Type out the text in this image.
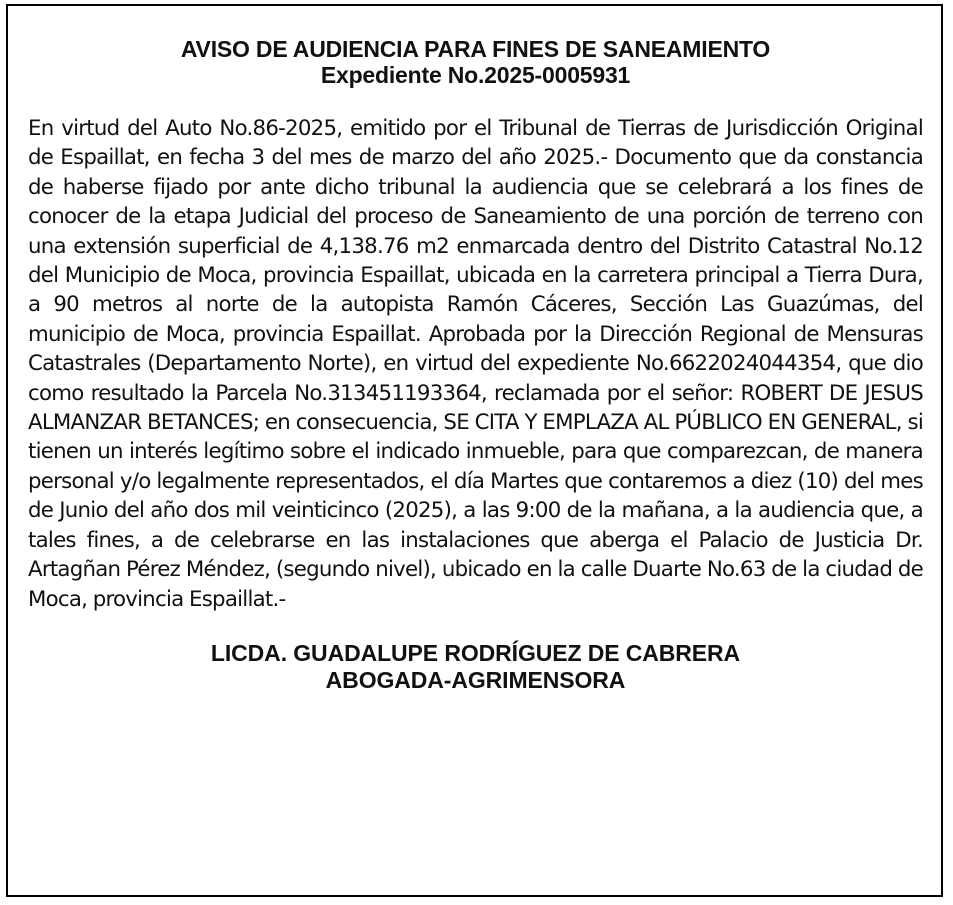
AVISO DE AUDIENCIA PARA FINES DE SANEAMIENTO
Expediente No.2025-0005931
En virtud del Auto No.86-2025, emitido por el Tribunal de Tierras de Jurisdicción Original de Espaillat, en fecha 3 del mes de marzo del año 2025.- Documento que da constancia de haberse fijado por ante dicho tribunal la audiencia que se celebrará a los fines de conocer de la etapa Judicial del proceso de Saneamiento de una porción de terreno con una extensión superficial de 4,138.76 m2 enmarcada dentro del Distrito Catastral No.12 del Municipio de Moca, provincia Espaillat, ubicada en la carretera principal a Tierra Dura, a 90 metros al norte de la autopista Ramón Cáceres, Sección Las Guazúmas, del municipio de Moca, provincia Espaillat. Aprobada por la Dirección Regional de Mensuras Catastrales (Departamento Norte), en virtud del expediente No.6622024044354, que dio como resultado la Parcela No.313451193364, reclamada por el señor: ROBERT DE JESUS ALMANZAR BETANCES; en consecuencia, SE CITA Y EMPLAZA AL PÚBLICO EN GENERAL, si tienen un interés legítimo sobre el indicado inmueble, para que comparezcan, de manera personal y/o legalmente representados, el día Martes que contaremos a diez (10) del mes de Junio del año dos mil veinticinco (2025), a las 9:00 de la mañana, a la audiencia que, a tales fines, a de celebrarse en las instalaciones que aberga el Palacio de Justicia Dr. Artagñan Pérez Méndez, (segundo nivel), ubicado en la calle Duarte No.63 de la ciudad de Moca, provincia Espaillat.-
LICDA. GUADALUPE RODRÍGUEZ DE CABRERA
ABOGADA-AGRIMENSORA
